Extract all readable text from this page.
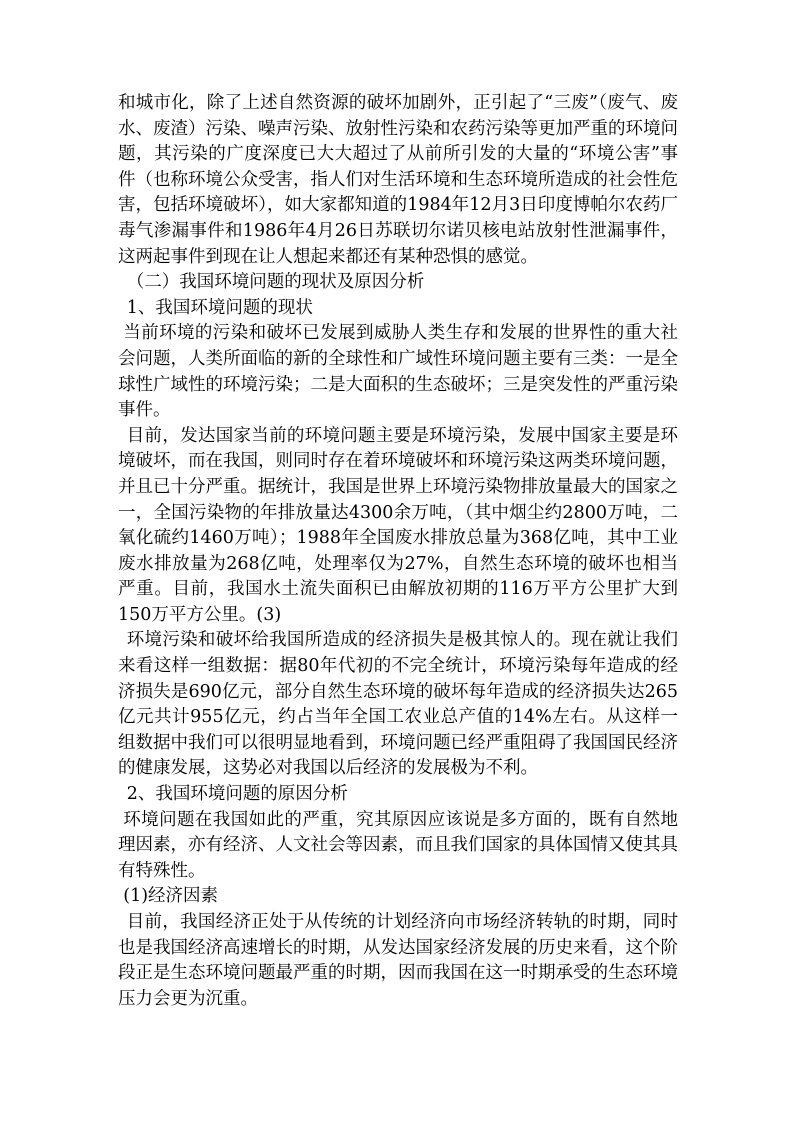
和城市化，除了上述自然资源的破坏加剧外，正引起了“三废”（废气、废水、废渣）污染、噪声污染、放射性污染和农药污染等更加严重的环境问题，其污染的广度深度已大大超过了从前所引发的大量的“环境公害”事件（也称环境公众受害，指人们对生活环境和生态环境所造成的社会性危害，包括环境破坏），如大家都知道的1984年12月3日印度博帕尔农药厂毒气渗漏事件和1986年4月26日苏联切尔诺贝核电站放射性泄漏事件，这两起事件到现在让人想起来都还有某种恐惧的感觉。

（二）我国环境问题的现状及原因分析

1、我国环境问题的现状

当前环境的污染和破坏已发展到威胁人类生存和发展的世界性的重大社会问题，人类所面临的新的全球性和广域性环境问题主要有三类：一是全球性广域性的环境污染；二是大面积的生态破坏；三是突发性的严重污染事件。

目前，发达国家当前的环境问题主要是环境污染，发展中国家主要是环境破坏，而在我国，则同时存在着环境破坏和环境污染这两类环境问题，并且已十分严重。据统计，我国是世界上环境污染物排放量最大的国家之一，全国污染物的年排放量达4300余万吨，（其中烟尘约2800万吨，二氧化硫约1460万吨）；1988年全国废水排放总量为368亿吨，其中工业废水排放量为268亿吨，处理率仅为27%，自然生态环境的破坏也相当严重。目前，我国水土流失面积已由解放初期的116万平方公里扩大到150万平方公里。(3)

环境污染和破坏给我国所造成的经济损失是极其惊人的。现在就让我们来看这样一组数据：据80年代初的不完全统计，环境污染每年造成的经济损失是690亿元，部分自然生态环境的破坏每年造成的经济损失达265亿元共计955亿元，约占当年全国工农业总产值的14%左右。从这样一组数据中我们可以很明显地看到，环境问题已经严重阻碍了我国国民经济的健康发展，这势必对我国以后经济的发展极为不利。

2、我国环境问题的原因分析

环境问题在我国如此的严重，究其原因应该说是多方面的，既有自然地理因素，亦有经济、人文社会等因素，而且我们国家的具体国情又使其具有特殊性。

(1)经济因素

目前，我国经济正处于从传统的计划经济向市场经济转轨的时期，同时也是我国经济高速增长的时期，从发达国家经济发展的历史来看，这个阶段正是生态环境问题最严重的时期，因而我国在这一时期承受的生态环境压力会更为沉重。
